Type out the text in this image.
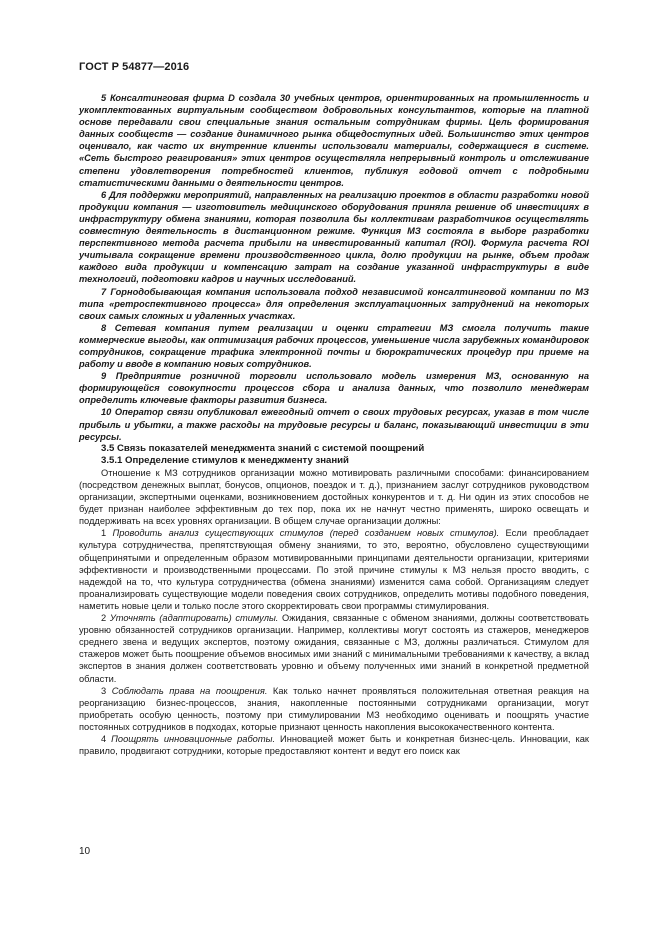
ГОСТ Р 54877—2016

5 Консалтинговая фирма D создала 30 учебных центров, ориентированных на промышленность и укомплектованных виртуальным сообществом добровольных консультантов, которые на платной основе передавали свои специальные знания остальным сотрудникам фирмы. Цель формирования данных сообществ — создание динамичного рынка общедоступных идей. Большинство этих центров оценивало, как часто их внутренние клиенты использовали материалы, содержащиеся в системе. «Сеть быстрого реагирования» этих центров осуществляла непрерывный контроль и отслеживание степени удовлетворения потребностей клиентов, публикуя годовой отчет с подробными статистическими данными о деятельности центров.

6 Для поддержки мероприятий, направленных на реализацию проектов в области разработки новой продукции компания — изготовитель медицинского оборудования приняла решение об инвестициях в инфраструктуру обмена знаниями, которая позволила бы коллективам разработчиков осуществлять совместную деятельность в дистанционном режиме. Функция МЗ состояла в выборе разработки перспективного метода расчета прибыли на инвестированный капитал (ROI). Формула расчета ROI учитывала сокращение времени производственного цикла, долю продукции на рынке, объем продаж каждого вида продукции и компенсацию затрат на создание указанной инфраструктуры в виде технологий, подготовки кадров и научных исследований.

7 Горнодобывающая компания использовала подход независимой консалтинговой компании по МЗ типа «ретроспективного процесса» для определения эксплуатационных затруднений на некоторых своих самых сложных и удаленных участках.

8 Сетевая компания путем реализации и оценки стратегии МЗ смогла получить такие коммерческие выгоды, как оптимизация рабочих процессов, уменьшение числа зарубежных командировок сотрудников, сокращение трафика электронной почты и бюрократических процедур при приеме на работу и вводе в компанию новых сотрудников.

9 Предприятие розничной торговли использовало модель измерения МЗ, основанную на формирующейся совокупности процессов сбора и анализа данных, что позволило менеджерам определить ключевые факторы развития бизнеса.

10 Оператор связи опубликовал ежегодный отчет о своих трудовых ресурсах, указав в том числе прибыль и убытки, а также расходы на трудовые ресурсы и баланс, показывающий инвестиции в эти ресурсы.

3.5 Связь показателей менеджмента знаний с системой поощрений

3.5.1 Определение стимулов к менеджменту знаний

Отношение к МЗ сотрудников организации можно мотивировать различными способами: финансированием (посредством денежных выплат, бонусов, опционов, поездок и т. д.), признанием заслуг сотрудников руководством организации, экспертными оценками, возникновением достойных конкурентов и т. д. Ни один из этих способов не будет признан наиболее эффективным до тех пор, пока их не начнут честно применять, широко освещать и поддерживать на всех уровнях организации. В общем случае организации должны:

1 Проводить анализ существующих стимулов (перед созданием новых стимулов). Если преобладает культура сотрудничества, препятствующая обмену знаниями, то это, вероятно, обусловлено существующими общепринятыми и определенным образом мотивированными принципами деятельности организации, критериями эффективности и производственными процессами. По этой причине стимулы к МЗ нельзя просто вводить, с надеждой на то, что культура сотрудничества (обмена знаниями) изменится сама собой. Организациям следует проанализировать существующие модели поведения своих сотрудников, определить мотивы подобного поведения, наметить новые цели и только после этого скорректировать свои программы стимулирования.

2 Уточнять (адаптировать) стимулы. Ожидания, связанные с обменом знаниями, должны соответствовать уровню обязанностей сотрудников организации. Например, коллективы могут состоять из стажеров, менеджеров среднего звена и ведущих экспертов, поэтому ожидания, связанные с МЗ, должны различаться. Стимулом для стажеров может быть поощрение объемов вносимых ими знаний с минимальными требованиями к качеству, а вклад экспертов в знания должен соответствовать уровню и объему полученных ими знаний в конкретной предметной области.

3 Соблюдать права на поощрения. Как только начнет проявляться положительная ответная реакция на реорганизацию бизнес-процессов, знания, накопленные постоянными сотрудниками организации, могут приобретать особую ценность, поэтому при стимулировании МЗ необходимо оценивать и поощрять участие постоянных сотрудников в подходах, которые признают ценность накопления высококачественного контента.

4 Поощрять инновационные работы. Инновацией может быть и конкретная бизнес-цель. Инновации, как правило, продвигают сотрудники, которые предоставляют контент и ведут его поиск как

10
